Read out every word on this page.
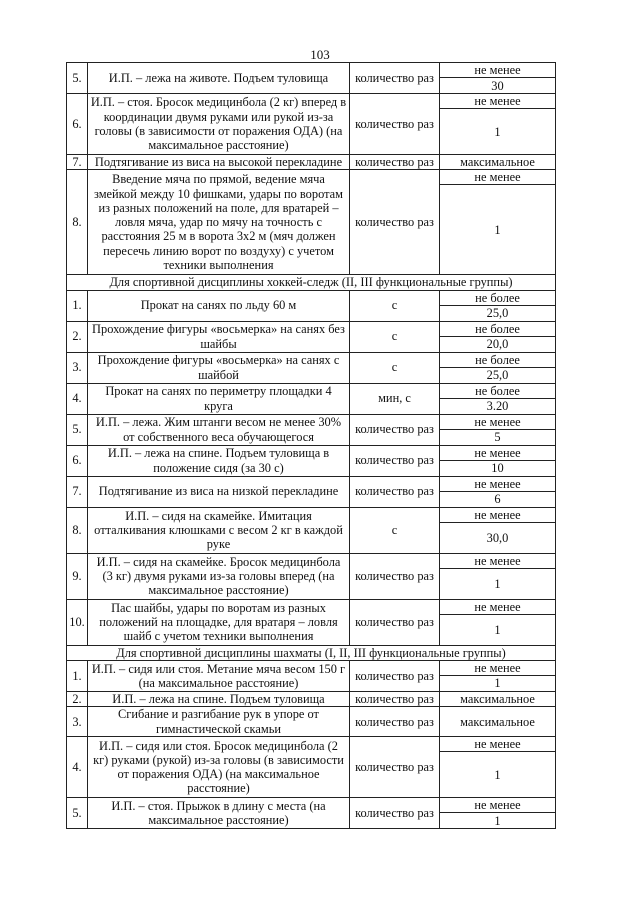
103
5.	И.П. – лежа на животе. Подъем туловища	количество раз	не менее
30

6.	И.П. – стоя. Бросок медицинбола (2 кг) вперед в координации двумя руками или рукой из-за головы (в зависимости от поражения ОДА) (на максимальное расстояние)	количество раз	не менее
1

7.	Подтягивание из виса на высокой перекладине	количество раз	максимальное
8.	Введение мяча по прямой, ведение мяча змейкой между 10 фишками, удары по воротам из разных положений на поле, для вратарей – ловля мяча, удар по мячу на точность с расстояния 25 м в ворота 3х2 м (мяч должен пересечь линию ворот по воздуху) с учетом техники выполнения	количество раз	не менее
1

Для спортивной дисциплины хоккей-следж (II, III функциональные группы)			
1.	Прокат на санях по льду 60 м	с	не более
25,0

2.	Прохождение фигуры «восьмерка» на санях без шайбы	с	не более
20,0

3.	Прохождение фигуры «восьмерка» на санях с шайбой	с	не более
25,0

4.	Прокат на санях по периметру площадки 4 круга	мин, с	не более
3.20

5.	И.П. – лежа. Жим штанги весом не менее 30% от собственного веса обучающегося	количество раз	не менее
5

6.	И.П. – лежа на спине. Подъем туловища в положение сидя (за 30 с)	количество раз	не менее
10

7.	Подтягивание из виса на низкой перекладине	количество раз	не менее
6

8.	И.П. – сидя на скамейке. Имитация отталкивания клюшками с весом 2 кг в каждой руке	с	не менее
30,0

9.	И.П. – сидя на скамейке. Бросок медицинбола (3 кг) двумя руками из-за головы вперед (на максимальное расстояние)	количество раз	не менее
1

10.	Пас шайбы, удары по воротам из разных положений на площадке, для вратаря – ловля шайб с учетом техники выполнения	количество раз	не менее
1

Для спортивной дисциплины шахматы (I, II, III функциональные группы)			
1.	И.П. – сидя или стоя. Метание мяча весом 150 г (на максимальное расстояние)	количество раз	не менее
1

2.	И.П. – лежа на спине. Подъем туловища	количество раз	максимальное
3.	Сгибание и разгибание рук в упоре от гимнастической скамьи	количество раз	максимальное
4.	И.П. – сидя или стоя. Бросок медицинбола (2 кг) руками (рукой) из-за головы (в зависимости от поражения ОДА) (на максимальное расстояние)	количество раз	не менее
1

5.	И.П. – стоя. Прыжок в длину с места (на максимальное расстояние)	количество раз	не менее
1
